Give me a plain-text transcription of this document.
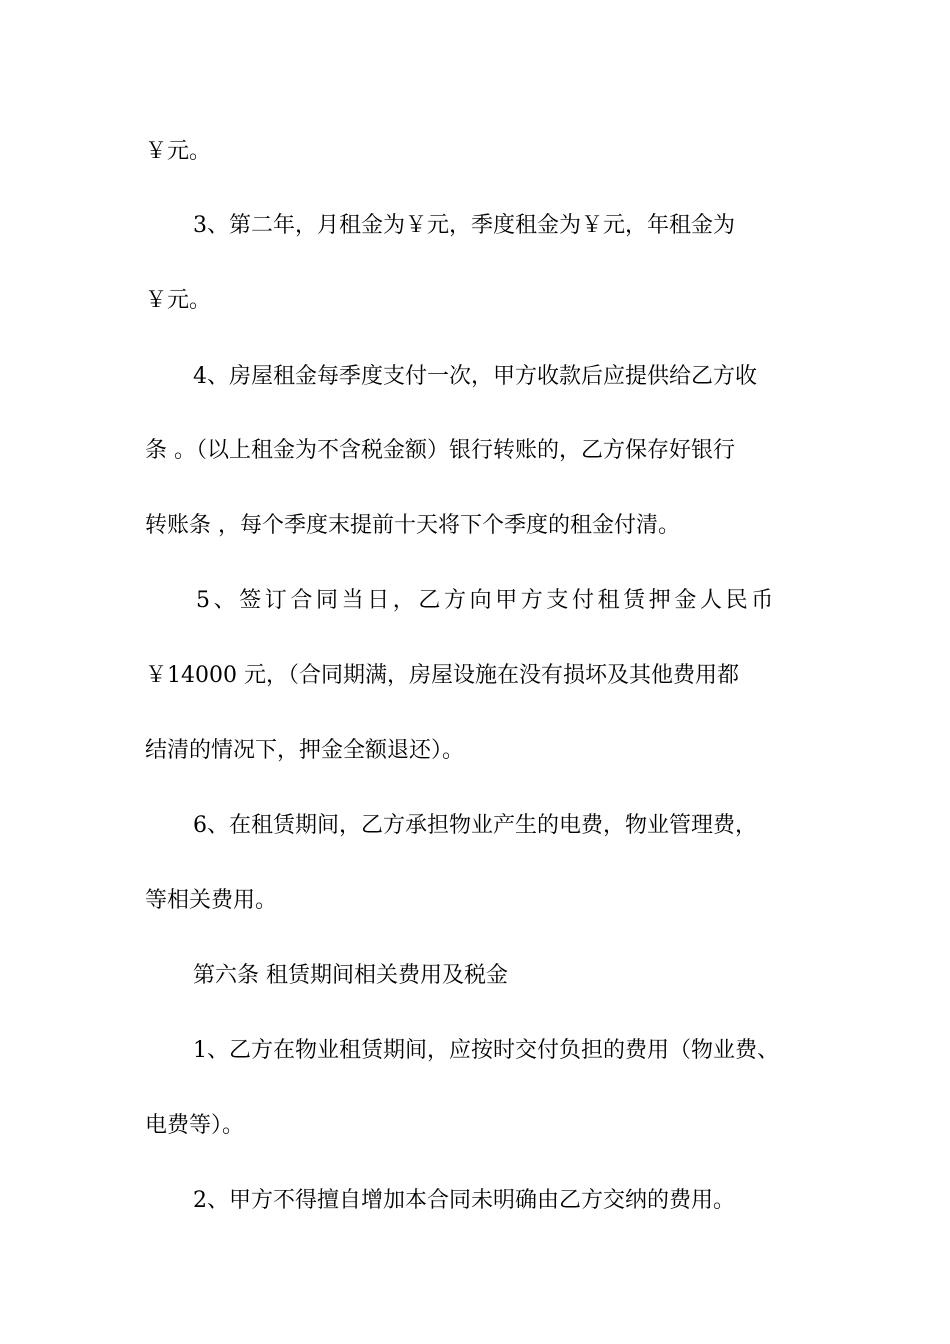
￥元。
3、第二年，月租金为￥元，季度租金为￥元，年租金为
￥元。
4、房屋租金每季度支付一次，甲方收款后应提供给乙方收
条 。（以上租金为不含税金额）银行转账的，乙方保存好银行
转账条 ，每个季度末提前十天将下个季度的租金付清。
5、签订合同当日，乙方向甲方支付租赁押金人民币
￥14000 元，（合同期满，房屋设施在没有损坏及其他费用都
结清的情况下，押金全额退还）。
6、在租赁期间，乙方承担物业产生的电费，物业管理费，
等相关费用。
第六条 租赁期间相关费用及税金
1、乙方在物业租赁期间，应按时交付负担的费用（物业费、
电费等）。
2、甲方不得擅自增加本合同未明确由乙方交纳的费用。
